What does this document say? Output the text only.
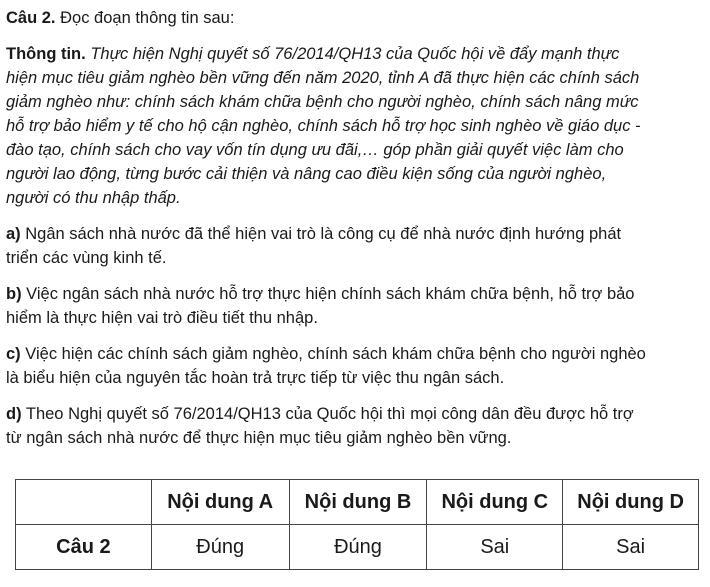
Câu 2. Đọc đoạn thông tin sau:

Thông tin. Thực hiện Nghị quyết số 76/2014/QH13 của Quốc hội về đẩy mạnh thực
hiện mục tiêu giảm nghèo bền vững đến năm 2020, tỉnh A đã thực hiện các chính sách
giảm nghèo như: chính sách khám chữa bệnh cho người nghèo, chính sách nâng mức
hỗ trợ bảo hiểm y tế cho hộ cận nghèo, chính sách hỗ trợ học sinh nghèo về giáo dục -
đào tạo, chính sách cho vay vốn tín dụng ưu đãi,… góp phần giải quyết việc làm cho
người lao động, từng bước cải thiện và nâng cao điều kiện sống của người nghèo,
người có thu nhập thấp.
a) Ngân sách nhà nước đã thể hiện vai trò là công cụ để nhà nước định hướng phát
triển các vùng kinh tế.
b) Việc ngân sách nhà nước hỗ trợ thực hiện chính sách khám chữa bệnh, hỗ trợ bảo
hiểm là thực hiện vai trò điều tiết thu nhập.
c) Việc hiện các chính sách giảm nghèo, chính sách khám chữa bệnh cho người nghèo
là biểu hiện của nguyên tắc hoàn trả trực tiếp từ việc thu ngân sách.
d) Theo Nghị quyết số 76/2014/QH13 của Quốc hội thì mọi công dân đều được hỗ trợ
từ ngân sách nhà nước để thực hiện mục tiêu giảm nghèo bền vững.
	Nội dung A	Nội dung B	Nội dung C	Nội dung D
Câu 2	Đúng	Đúng	Sai	Sai
